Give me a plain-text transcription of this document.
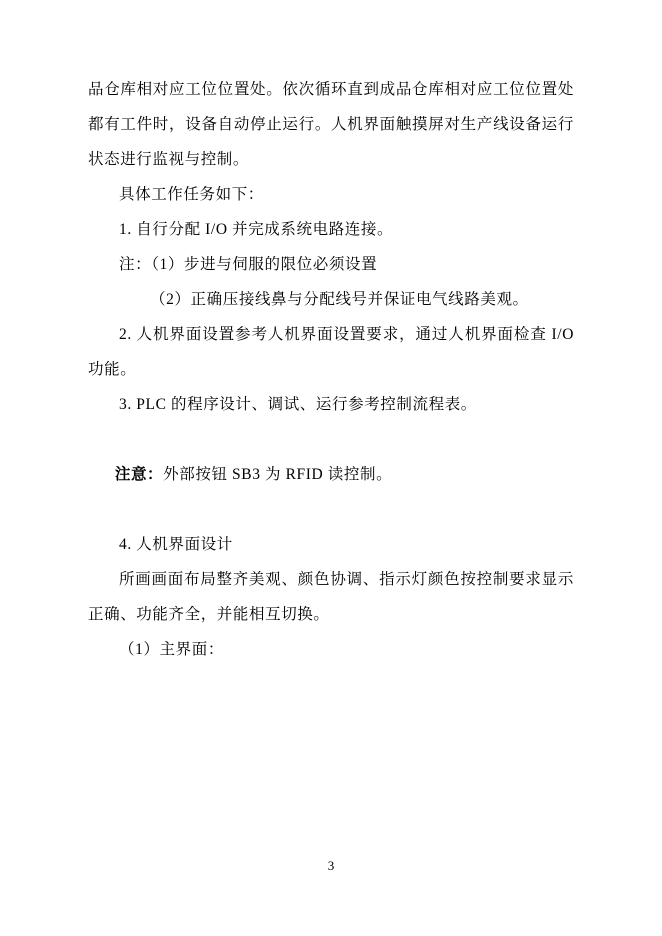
品仓库相对应工位位置处。依次循环直到成品仓库相对应工位位置处都有工件时，设备自动停止运行。人机界面触摸屏对生产线设备运行状态进行监视与控制。

具体工作任务如下：

1. 自行分配 I/O 并完成系统电路连接。

注：（1）步进与伺服的限位必须设置

（2）正确压接线鼻与分配线号并保证电气线路美观。

2. 人机界面设置参考人机界面设置要求，通过人机界面检查 I/O 功能。

3. PLC 的程序设计、调试、运行参考控制流程表。

注意：外部按钮 SB3 为 RFID 读控制。

4. 人机界面设计

所画画面布局整齐美观、颜色协调、指示灯颜色按控制要求显示正确、功能齐全，并能相互切换。

（1）主界面：

3
